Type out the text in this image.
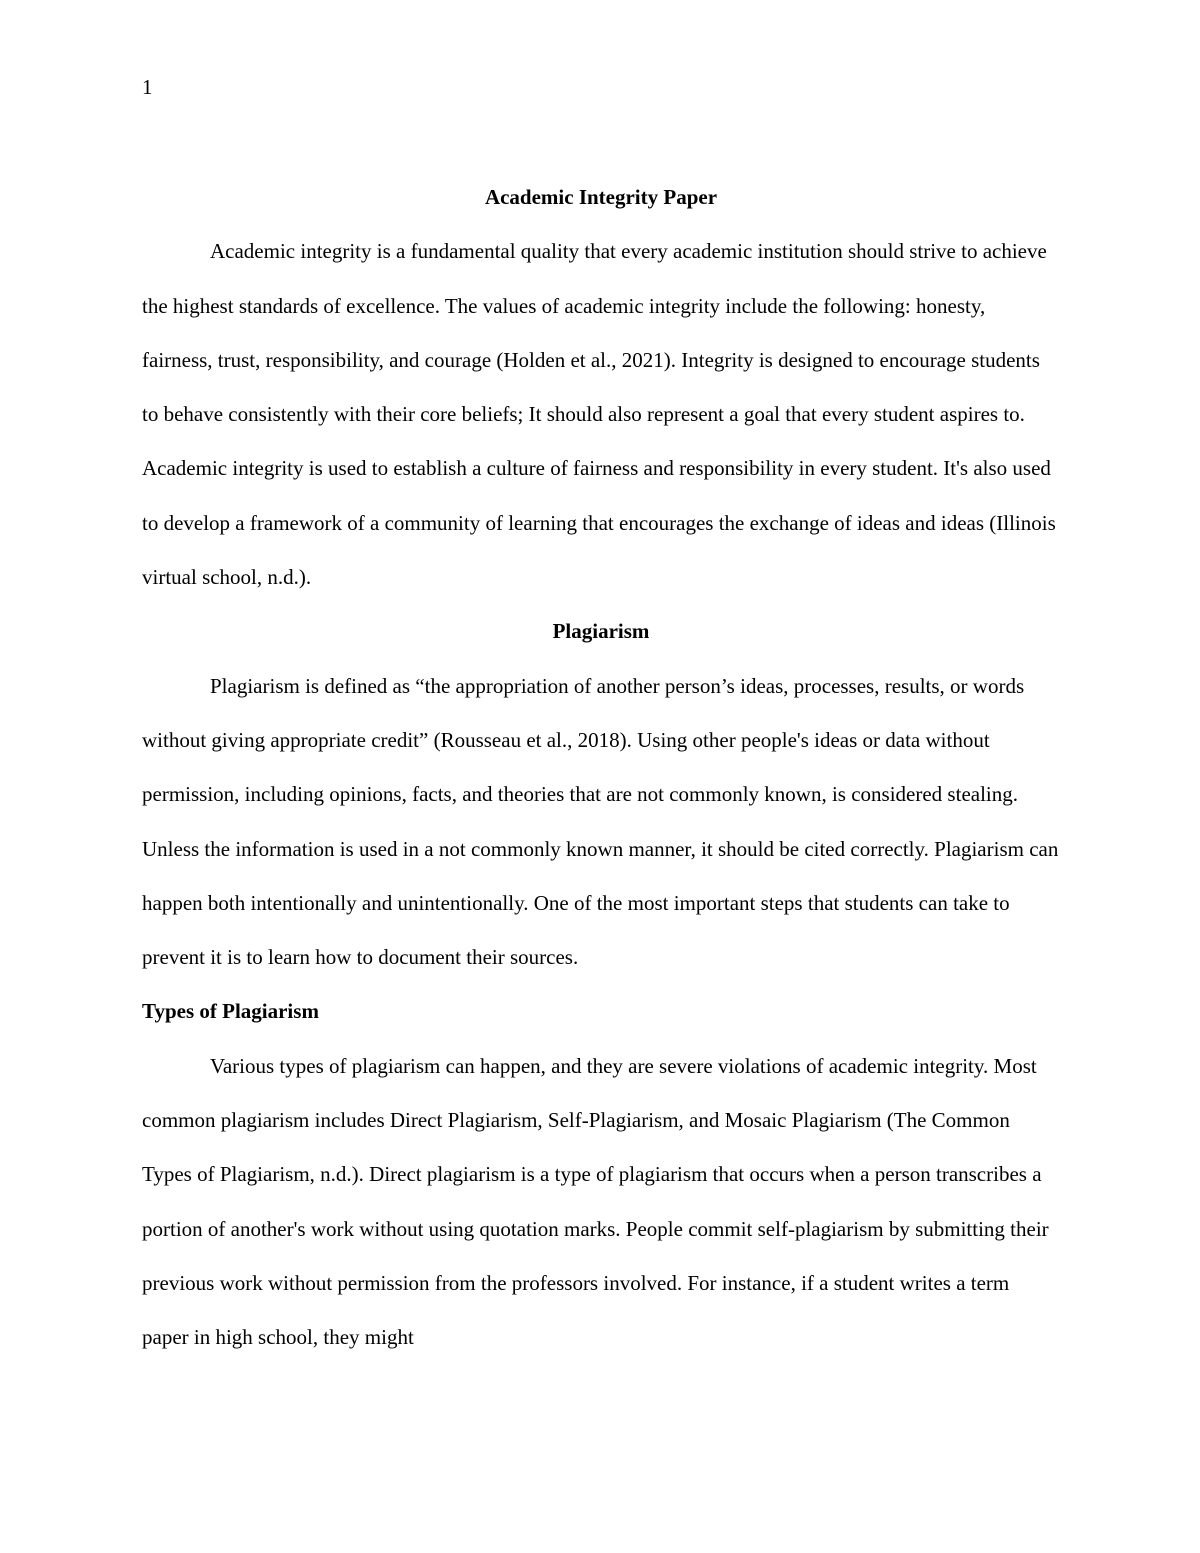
1

Academic Integrity Paper

Academic integrity is a fundamental quality that every academic institution should strive to achieve the highest standards of excellence. The values of academic integrity include the following: honesty, fairness, trust, responsibility, and courage (Holden et al., 2021). Integrity is designed to encourage students to behave consistently with their core beliefs; It should also represent a goal that every student aspires to. Academic integrity is used to establish a culture of fairness and responsibility in every student. It's also used to develop a framework of a community of learning that encourages the exchange of ideas and ideas (Illinois virtual school, n.d.).

Plagiarism

Plagiarism is defined as “the appropriation of another person’s ideas, processes, results, or words without giving appropriate credit” (Rousseau et al., 2018). Using other people's ideas or data without permission, including opinions, facts, and theories that are not commonly known, is considered stealing. Unless the information is used in a not commonly known manner, it should be cited correctly. Plagiarism can happen both intentionally and unintentionally. One of the most important steps that students can take to prevent it is to learn how to document their sources.

Types of Plagiarism

Various types of plagiarism can happen, and they are severe violations of academic integrity. Most common plagiarism includes Direct Plagiarism, Self-Plagiarism, and Mosaic Plagiarism (The Common Types of Plagiarism, n.d.). Direct plagiarism is a type of plagiarism that occurs when a person transcribes a portion of another's work without using quotation marks. People commit self-plagiarism by submitting their previous work without permission from the professors involved. For instance, if a student writes a term paper in high school, they might
